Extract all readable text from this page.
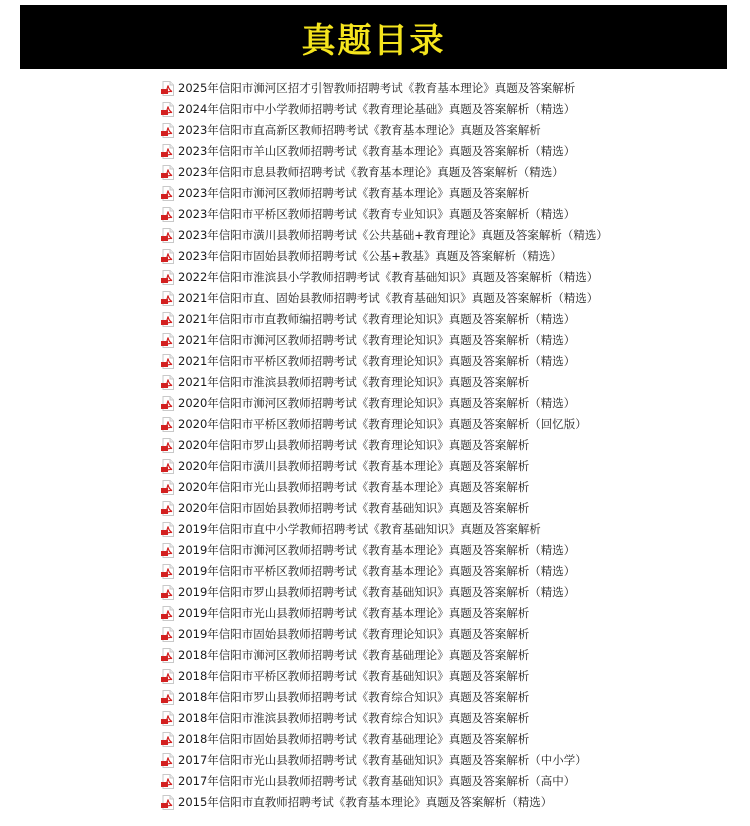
真题目录
2025年信阳市浉河区招才引智教师招聘考试《教育基本理论》真题及答案解析
2024年信阳市中小学教师招聘考试《教育理论基础》真题及答案解析（精选）
2023年信阳市直高新区教师招聘考试《教育基本理论》真题及答案解析
2023年信阳市羊山区教师招聘考试《教育基本理论》真题及答案解析（精选）
2023年信阳市息县教师招聘考试《教育基本理论》真题及答案解析（精选）
2023年信阳市浉河区教师招聘考试《教育基本理论》真题及答案解析
2023年信阳市平桥区教师招聘考试《教育专业知识》真题及答案解析（精选）
2023年信阳市潢川县教师招聘考试《公共基础+教育理论》真题及答案解析（精选）
2023年信阳市固始县教师招聘考试《公基+教基》真题及答案解析（精选）
2022年信阳市淮滨县小学教师招聘考试《教育基础知识》真题及答案解析（精选）
2021年信阳市直、固始县教师招聘考试《教育基础知识》真题及答案解析（精选）
2021年信阳市市直教师编招聘考试《教育理论知识》真题及答案解析（精选）
2021年信阳市浉河区教师招聘考试《教育理论知识》真题及答案解析（精选）
2021年信阳市平桥区教师招聘考试《教育理论知识》真题及答案解析（精选）
2021年信阳市淮滨县教师招聘考试《教育理论知识》真题及答案解析
2020年信阳市浉河区教师招聘考试《教育理论知识》真题及答案解析（精选）
2020年信阳市平桥区教师招聘考试《教育理论知识》真题及答案解析（回忆版）
2020年信阳市罗山县教师招聘考试《教育理论知识》真题及答案解析
2020年信阳市潢川县教师招聘考试《教育基本理论》真题及答案解析
2020年信阳市光山县教师招聘考试《教育基本理论》真题及答案解析
2020年信阳市固始县教师招聘考试《教育基础知识》真题及答案解析
2019年信阳市直中小学教师招聘考试《教育基础知识》真题及答案解析
2019年信阳市浉河区教师招聘考试《教育基本理论》真题及答案解析（精选）
2019年信阳市平桥区教师招聘考试《教育基本理论》真题及答案解析（精选）
2019年信阳市罗山县教师招聘考试《教育基础知识》真题及答案解析（精选）
2019年信阳市光山县教师招聘考试《教育基本理论》真题及答案解析
2019年信阳市固始县教师招聘考试《教育理论知识》真题及答案解析
2018年信阳市浉河区教师招聘考试《教育基础理论》真题及答案解析
2018年信阳市平桥区教师招聘考试《教育基础知识》真题及答案解析
2018年信阳市罗山县教师招聘考试《教育综合知识》真题及答案解析
2018年信阳市淮滨县教师招聘考试《教育综合知识》真题及答案解析
2018年信阳市固始县教师招聘考试《教育基础理论》真题及答案解析
2017年信阳市光山县教师招聘考试《教育基础知识》真题及答案解析（中小学）
2017年信阳市光山县教师招聘考试《教育基础知识》真题及答案解析（高中）
2015年信阳市直教师招聘考试《教育基本理论》真题及答案解析（精选）
